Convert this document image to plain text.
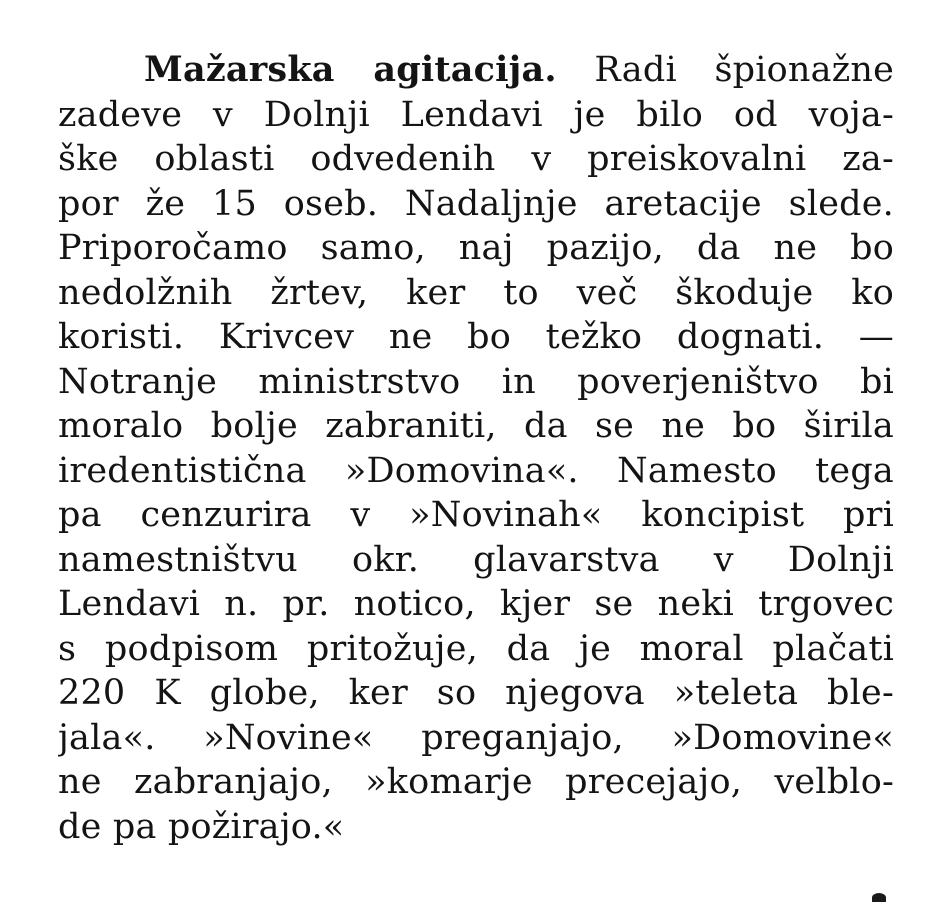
Mažarska agitacija. Radi špionažne
zadeve v Dolnji Lendavi je bilo od voja-
ške oblasti odvedenih v preiskovalni za-
por že 15 oseb. Nadaljnje aretacije slede.
Priporočamo samo, naj pazijo, da ne bo
nedolžnih žrtev, ker to več škoduje ko
koristi. Krivcev ne bo težko dognati. —
Notranje ministrstvo in poverjeništvo bi
moralo bolje zabraniti, da se ne bo širila
iredentistična »Domovina«. Namesto tega
pa cenzurira v »Novinah« koncipist pri
namestništvu okr. glavarstva v Dolnji
Lendavi n. pr. notico, kjer se neki trgovec
s podpisom pritožuje, da je moral plačati
220 K globe, ker so njegova »teleta ble-
jala«. »Novine« preganjajo, »Domovine«
ne zabranjajo, »komarje precejajo, velblo-
de pa požirajo.«
